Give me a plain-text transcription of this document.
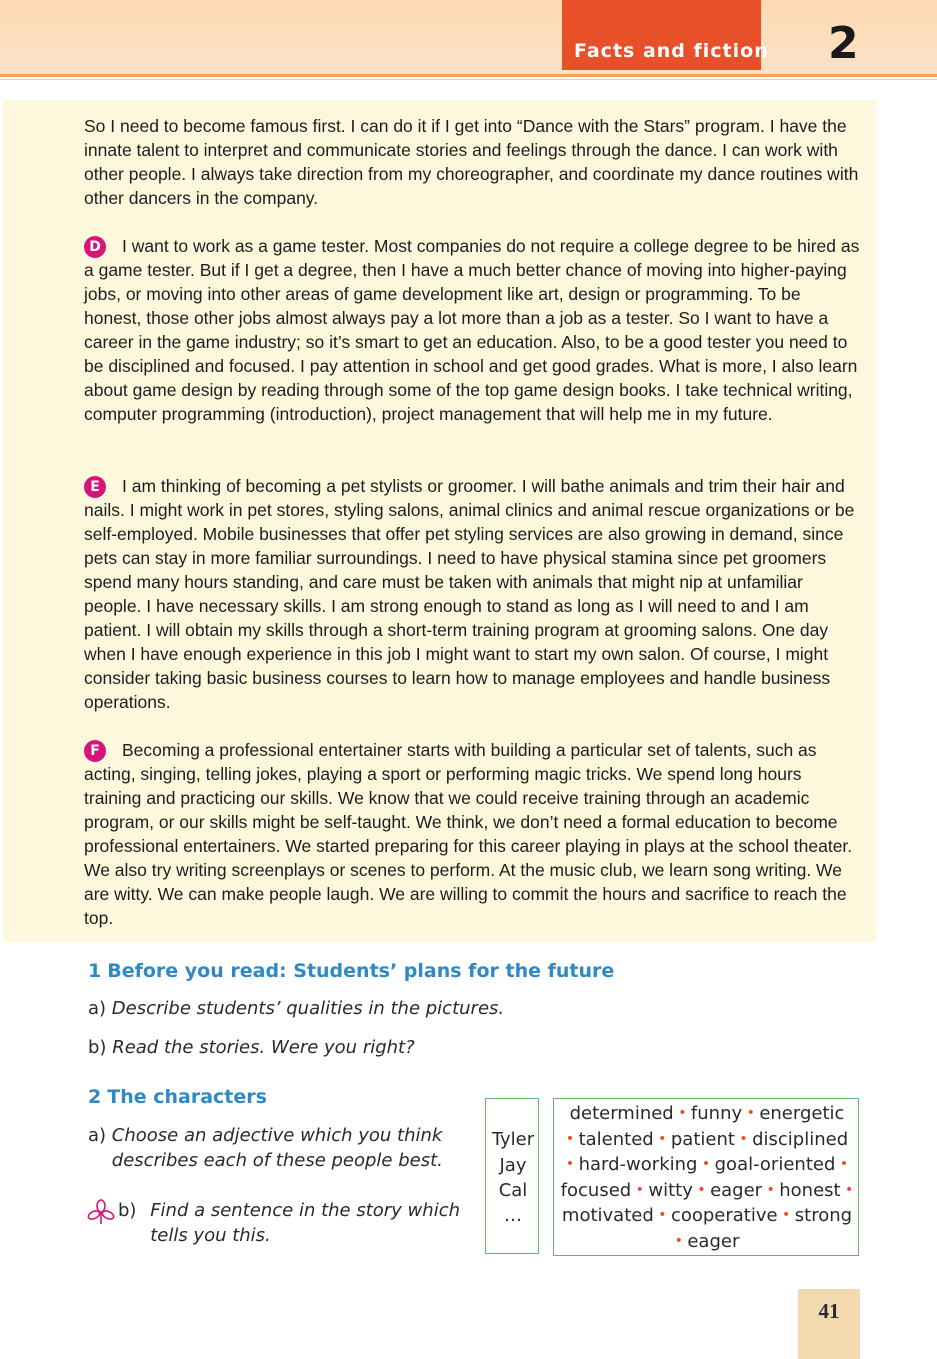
Facts and fiction 2

So I need to become famous first. I can do it if I get into “Dance with the Stars” program. I have the innate talent to interpret and communicate stories and feelings through the dance. I can work with other people. I always take direction from my choreographer, and coordinate my dance routines with other dancers in the company.

D I want to work as a game tester. Most companies do not require a college degree to be hired as a game tester. But if I get a degree, then I have a much better chance of moving into higher-paying jobs, or moving into other areas of game development like art, design or programming. To be honest, those other jobs almost always pay a lot more than a job as a tester. So I want to have a career in the game industry; so it’s smart to get an education. Also, to be a good tester you need to be disciplined and focused. I pay attention in school and get good grades. What is more, I also learn about game design by reading through some of the top game design books. I take technical writing, computer programming (introduction), project management that will help me in my future.

E I am thinking of becoming a pet stylists or groomer. I will bathe animals and trim their hair and nails. I might work in pet stores, styling salons, animal clinics and animal rescue organizations or be self-employed. Mobile businesses that offer pet styling services are also growing in demand, since pets can stay in more familiar surroundings. I need to have physical stamina since pet groomers spend many hours standing, and care must be taken with animals that might nip at unfamiliar people. I have necessary skills. I am strong enough to stand as long as I will need to and I am patient. I will obtain my skills through a short-term training program at grooming salons. One day when I have enough experience in this job I might want to start my own salon. Of course, I might consider taking basic business courses to learn how to manage employees and handle business operations.

F Becoming a professional entertainer starts with building a particular set of talents, such as acting, singing, telling jokes, playing a sport or performing magic tricks. We spend long hours training and practicing our skills. We know that we could receive training through an academic program, or our skills might be self-taught. We think, we don’t need a formal education to become professional entertainers. We started preparing for this career playing in plays at the school theater. We also try writing screenplays or scenes to perform. At the music club, we learn song writing. We are witty. We can make people laugh. We are willing to commit the hours and sacrifice to reach the top.

1 Before you read: Students’ plans for the future

a) Describe students’ qualities in the pictures.

b) Read the stories. Were you right?

2 The characters

a) Choose an adjective which you think
describes each of these people best.

b) Find a sentence in the story which
tells you this.

Tyler
Jay
Cal
…
determined • funny • energetic
• talented • patient • disciplined
• hard-working • goal-oriented •
focused • witty • eager • honest •
motivated • cooperative • strong
• eager
41
